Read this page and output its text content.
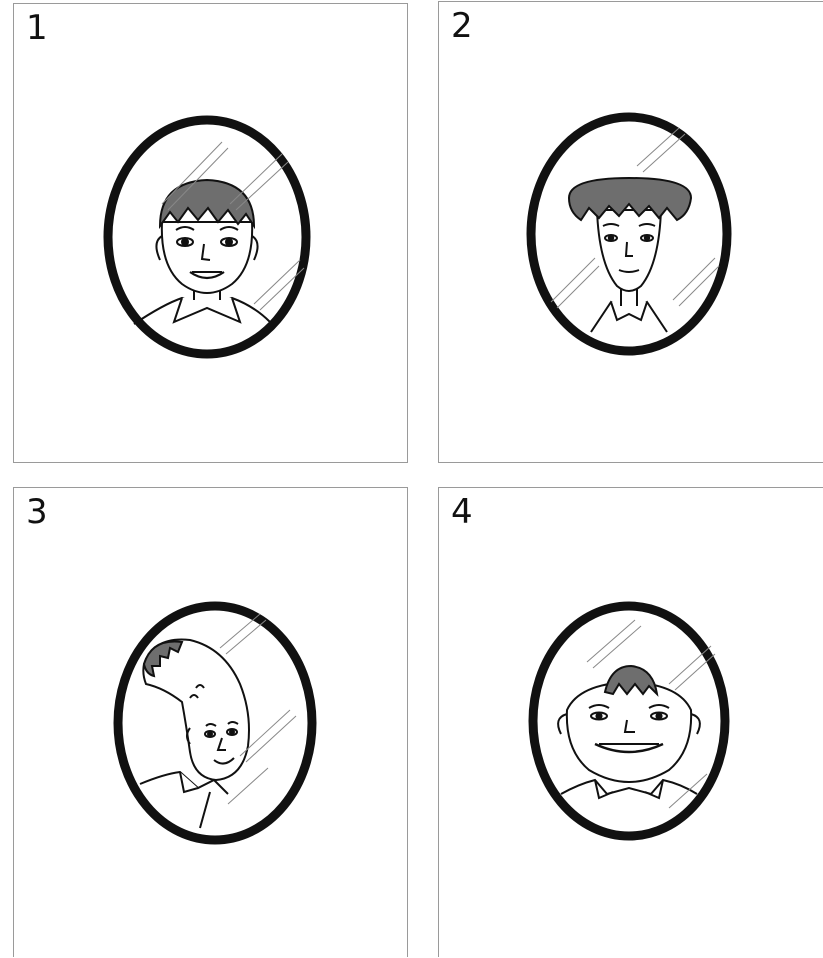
1	2
3	4
